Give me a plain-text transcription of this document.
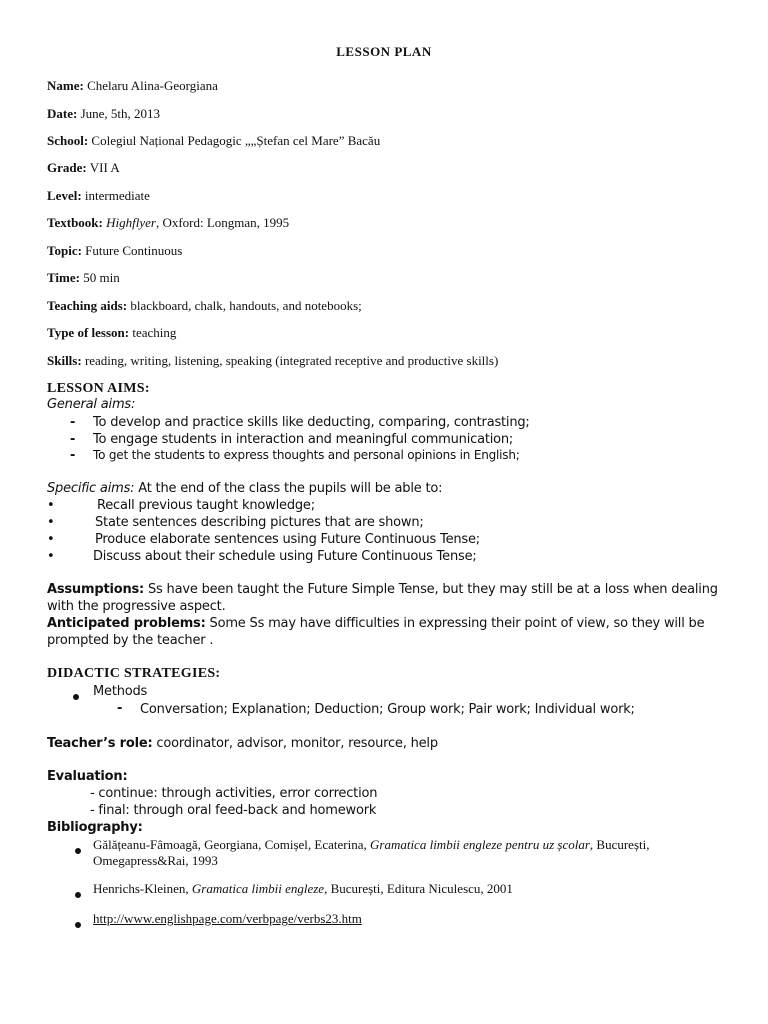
LESSON PLAN
Name: Chelaru Alina-Georgiana
Date: June, 5th, 2013
School: Colegiul Național Pedagogic „„Ștefan cel Mare” Bacău
Grade: VII A
Level: intermediate
Textbook: Highflyer, Oxford: Longman, 1995
Topic: Future Continuous
Time: 50 min
Teaching aids: blackboard, chalk, handouts, and notebooks;
Type of lesson: teaching
Skills: reading, writing, listening, speaking (integrated receptive and productive skills)
LESSON AIMS:
General aims:
- To develop and practice skills like deducting, comparing, contrasting;
- To engage students in interaction and meaningful communication;
- To get the students to express thoughts and personal opinions in English;
Specific aims: At the end of the class the pupils will be able to:
•	Recall previous taught knowledge;
•	State sentences describing pictures that are shown;
•	Produce elaborate sentences using Future Continuous Tense;
•	Discuss about their schedule using Future Continuous Tense;
Assumptions: Ss have been taught the Future Simple Tense, but they may still be at a loss when dealing
with the progressive aspect.
Anticipated problems: Some Ss may have difficulties in expressing their point of view, so they will be
prompted by the teacher .
DIDACTIC STRATEGIES:
Methods
- Conversation; Explanation; Deduction; Group work; Pair work; Individual work;
Teacher’s role: coordinator, advisor, monitor, resource, help
Evaluation:
- continue: through activities, error correction
- final: through oral feed-back and homework
Bibliography:
Gălățeanu-Fâmoagă, Georgiana, Comișel, Ecaterina, Gramatica limbii engleze pentru uz școlar, București,
Omegapress&Rai, 1993
Henrichs-Kleinen, Gramatica limbii engleze, București, Editura Niculescu, 2001
http://www.englishpage.com/verbpage/verbs23.htm
